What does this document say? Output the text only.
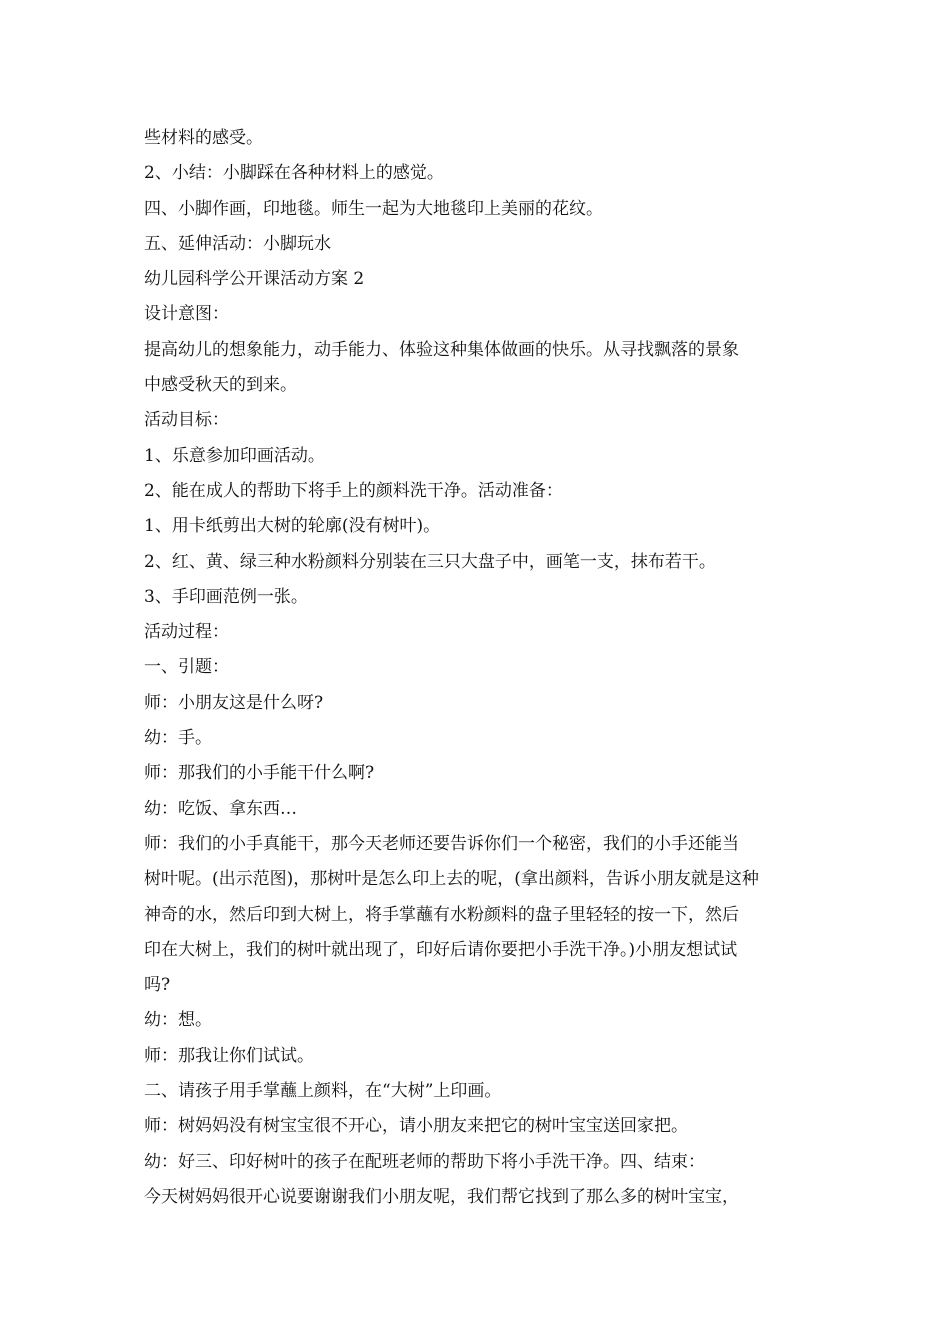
些材料的感受。
2、小结：小脚踩在各种材料上的感觉。
四、小脚作画，印地毯。师生一起为大地毯印上美丽的花纹。
五、延伸活动：小脚玩水
幼儿园科学公开课活动方案 2
设计意图：
提高幼儿的想象能力，动手能力、体验这种集体做画的快乐。从寻找飘落的景象
中感受秋天的到来。
活动目标：
1、乐意参加印画活动。
2、能在成人的帮助下将手上的颜料洗干净。活动准备：
1、用卡纸剪出大树的轮廓(没有树叶)。
2、红、黄、绿三种水粉颜料分别装在三只大盘子中，画笔一支，抹布若干。
3、手印画范例一张。
活动过程：
一、引题：
师：小朋友这是什么呀?
幼：手。
师：那我们的小手能干什么啊?
幼：吃饭、拿东西…
师：我们的小手真能干，那今天老师还要告诉你们一个秘密，我们的小手还能当
树叶呢。(出示范图)，那树叶是怎么印上去的呢，(拿出颜料，告诉小朋友就是这种
神奇的水，然后印到大树上，将手掌蘸有水粉颜料的盘子里轻轻的按一下，然后
印在大树上，我们的树叶就出现了，印好后请你要把小手洗干净。)小朋友想试试
吗?
幼：想。
师：那我让你们试试。
二、请孩子用手掌蘸上颜料，在“大树”上印画。
师：树妈妈没有树宝宝很不开心，请小朋友来把它的树叶宝宝送回家把。
幼：好三、印好树叶的孩子在配班老师的帮助下将小手洗干净。四、结束：
今天树妈妈很开心说要谢谢我们小朋友呢，我们帮它找到了那么多的树叶宝宝，
